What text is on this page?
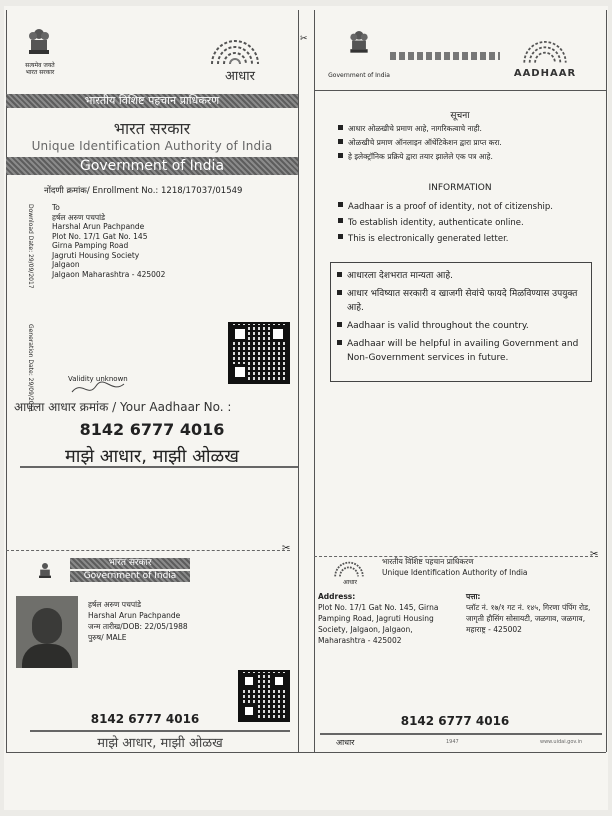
सत्यमेव जयते
भारत सरकार	आधार
भारतीय विशिष्ट पहचान प्राधिकरण
भारत सरकार
Unique Identification Authority of India
Government of India
नोंदणी क्रमांक/ Enrollment No.: 1218/17037/01549
To
हर्षल अरुण पचपांडे
Harshal Arun Pachpande
Plot No. 17/1 Gat No. 145
Girna Pamping Road
Jagruti Housing Society
Jalgaon
Jalgaon Maharashtra - 425002
Download Date: 29/09/2017
Generation Date: 29/09/2011	Validity unknown
आपला आधार क्रमांक / Your Aadhaar No. :
8142 6777 4016
माझे आधार, माझी ओळख
Government of India	AADHAAR
सूचना
आधार ओळखीचे प्रमाण आहे, नागरिकत्वाचे नाही.
ओळखीचे प्रमाण ऑनलाइन ऑथेंटिकेशन द्वारा प्राप्त करा.
हे इलेक्ट्रॉनिक प्रक्रिये द्वारा तयार झालेले एक पत्र आहे.
INFORMATION
Aadhaar is a proof of identity, not of citizenship.
To establish identity, authenticate online.
This is electronically generated letter.
आधारला देशभरात मान्यता आहे.
आधार भविष्यात सरकारी व खाजगी सेवांचे फायदे मिळविण्यास उपयुक्त आहे.
Aadhaar is valid throughout the country.
Aadhaar will be helpful in availing Government and Non-Government services in future.
✂
✂
✂
भारत सरकार
Government of India
हर्षल अरुण पचपांडे
Harshal Arun Pachpande
जन्म तारीख/DOB: 22/05/1988
पुरुष/ MALE
8142 6777 4016
माझे आधार, माझी ओळख
आधार
भारतीय विशिष्ट पहचान प्राधिकरण
Unique Identification Authority of India
Address:
Plot No. 17/1 Gat No. 145, Girna Pamping Road, Jagruti Housing Society, Jalgaon, Jalgaon, Maharashtra - 425002
पत्ता:
प्लॉट नं. १७/१ गट नं. १४५, गिरणा पंपिंग रोड, जागृती हौसिंग सोसायटी, जळगाव, जळगाव, महाराष्ट्र - 425002
8142 6777 4016
आधार	1947	www.uidai.gov.in
